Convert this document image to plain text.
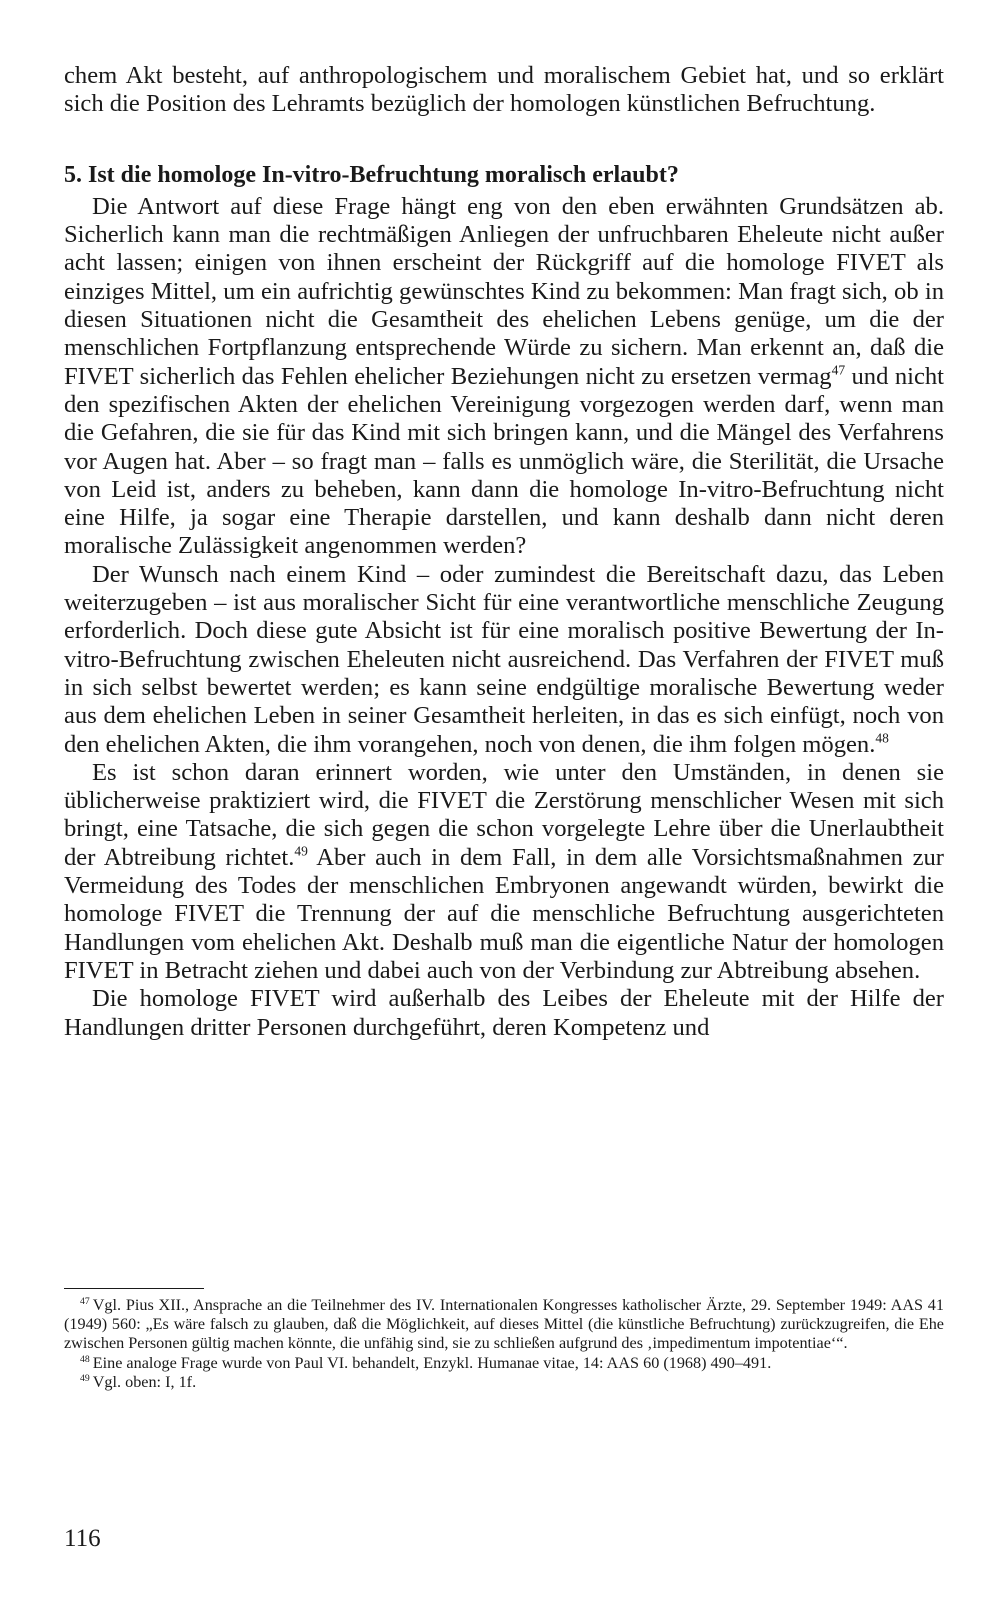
chem Akt besteht, auf anthropologischem und moralischem Gebiet hat, und so erklärt sich die Position des Lehramts bezüglich der homologen künstlichen Befruchtung.

5. Ist die homologe In-vitro-Befruchtung moralisch erlaubt?

Die Antwort auf diese Frage hängt eng von den eben erwähnten Grundsätzen ab. Sicherlich kann man die rechtmäßigen Anliegen der unfruchbaren Eheleute nicht außer acht lassen; einigen von ihnen erscheint der Rückgriff auf die homologe FIVET als einziges Mittel, um ein aufrichtig gewünschtes Kind zu bekommen: Man fragt sich, ob in diesen Situationen nicht die Gesamtheit des ehelichen Lebens genüge, um die der menschlichen Fortpflanzung entsprechende Würde zu sichern. Man erkennt an, daß die FIVET sicherlich das Fehlen ehelicher Beziehungen nicht zu ersetzen vermag$^{47}$ und nicht den spezifischen Akten der ehelichen Vereinigung vorgezogen werden darf, wenn man die Gefahren, die sie für das Kind mit sich bringen kann, und die Mängel des Verfahrens vor Augen hat. Aber – so fragt man – falls es unmöglich wäre, die Sterilität, die Ursache von Leid ist, anders zu beheben, kann dann die homologe In-vitro-Befruchtung nicht eine Hilfe, ja sogar eine Therapie darstellen, und kann deshalb dann nicht deren moralische Zulässigkeit angenommen werden?

Der Wunsch nach einem Kind – oder zumindest die Bereitschaft dazu, das Leben weiterzugeben – ist aus moralischer Sicht für eine verantwortliche menschliche Zeugung erforderlich. Doch diese gute Absicht ist für eine moralisch positive Bewertung der In-vitro-Befruchtung zwischen Eheleuten nicht ausreichend. Das Verfahren der FIVET muß in sich selbst bewertet werden; es kann seine endgültige moralische Bewertung weder aus dem ehelichen Leben in seiner Gesamtheit herleiten, in das es sich einfügt, noch von den ehelichen Akten, die ihm vorangehen, noch von denen, die ihm folgen mögen.$^{48}$

Es ist schon daran erinnert worden, wie unter den Umständen, in denen sie üblicherweise praktiziert wird, die FIVET die Zerstörung menschlicher Wesen mit sich bringt, eine Tatsache, die sich gegen die schon vorgelegte Lehre über die Unerlaubtheit der Abtreibung richtet.$^{49}$ Aber auch in dem Fall, in dem alle Vorsichtsmaßnahmen zur Vermeidung des Todes der menschlichen Embryonen angewandt würden, bewirkt die homologe FIVET die Trennung der auf die menschliche Befruchtung ausgerichteten Handlungen vom ehelichen Akt. Deshalb muß man die eigentliche Natur der homologen FIVET in Betracht ziehen und dabei auch von der Verbindung zur Abtreibung absehen.

Die homologe FIVET wird außerhalb des Leibes der Eheleute mit der Hilfe der Handlungen dritter Personen durchgeführt, deren Kompetenz und

$^{47}$ Vgl. Pius XII., Ansprache an die Teilnehmer des IV. Internationalen Kongresses katholischer Ärzte, 29. September 1949: AAS 41 (1949) 560: „Es wäre falsch zu glauben, daß die Möglichkeit, auf dieses Mittel (die künstliche Befruchtung) zurückzugreifen, die Ehe zwischen Personen gültig machen könnte, die unfähig sind, sie zu schließen aufgrund des ‚impedimentum impotentiae‘“.

$^{48}$ Eine analoge Frage wurde von Paul VI. behandelt, Enzykl. Humanae vitae, 14: AAS 60 (1968) 490–491.

$^{49}$ Vgl. oben: I, 1f.

116
